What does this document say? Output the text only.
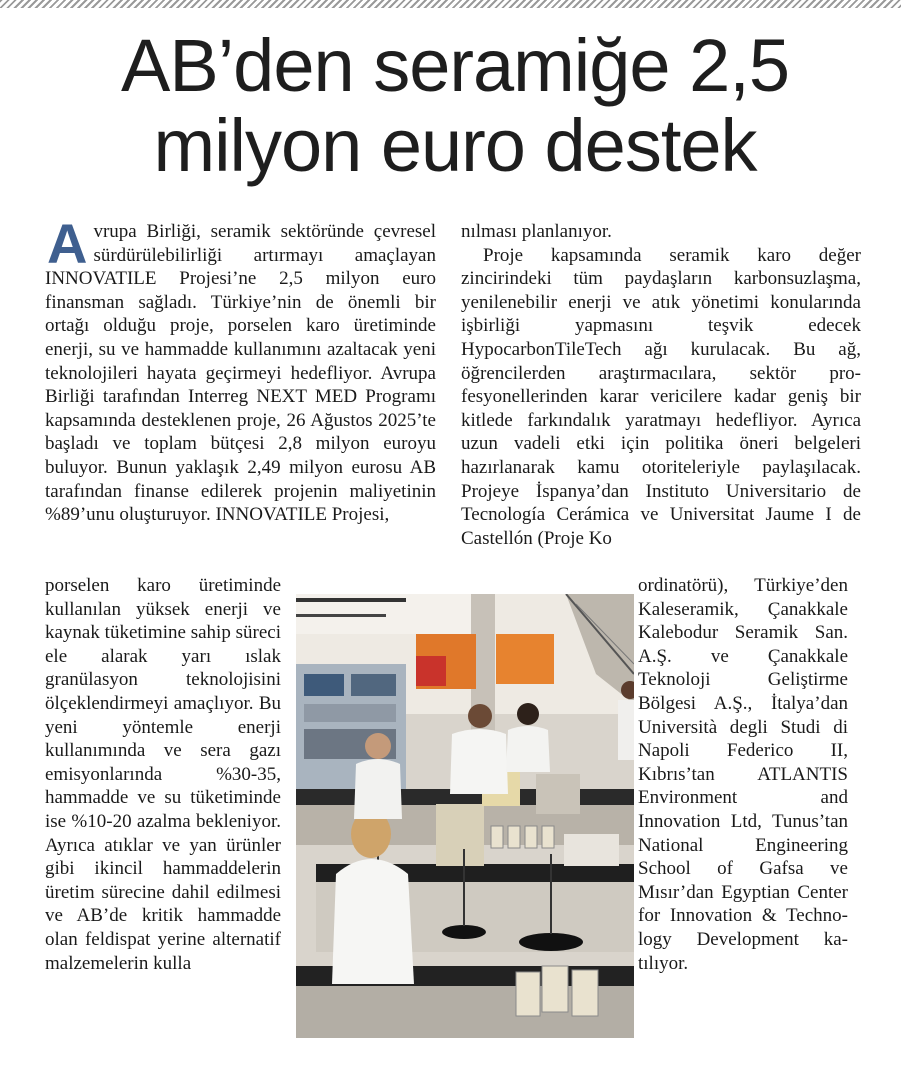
AB’den seramiğe 2,5 milyon euro destek

A vrupa Birliği, seramik sektöründe çevresel sürdürülebilirliği artırmayı amaçlayan INNOVATILE Projesi’ne 2,5 milyon euro finansman sağladı. Türkiye’nin de önemli bir ortağı olduğu proje, porselen karo üretiminde enerji, su ve hammadde kullanımını azaltacak yeni teknolojileri hayata geçirmeyi hedefliyor. Avrupa Birliği tarafından Interreg NEXT MED Programı kapsamında desteklenen proje, 26 Ağustos 2025’te başladı ve toplam bütçesi 2,8 milyon euroyu buluyor. Bunun yaklaşık 2,49 milyon eurosu AB tarafından finanse edilerek projenin maliyetinin %89’unu oluşturuyor. INNOVATILE Projesi,

porselen karo üretiminde kullanılan yüksek enerji ve kaynak tüketimine sahip süreci ele alarak yarı ıslak granülasyon teknolojisini ölçeklendirmeyi amaçlıyor. Bu yeni yöntemle enerji kullanımında ve sera gazı emisyonlarında %30-35, hammadde ve su tüketiminde ise %10-20 azalma bekleniyor. Ayrıca atıklar ve yan ürünler gibi ikincil hammaddelerin üretim sürecine dahil edilmesi ve AB’de kritik hammadde olan feldispat yerine alternatif malzemelerin kulla

nılması planlanıyor.

Proje kapsamında seramik karo değer zincirindeki tüm paydaşların karbonsuzlaşma, yenilenebilir enerji ve atık yönetimi konularında işbirliği yapmasını teşvik edecek HypocarbonTileTech ağı kurulacak. Bu ağ, öğrencilerden araştırmacılara, sektör profesyonellerinden karar vericilere kadar geniş bir kitlede farkındalık yaratmayı hedefliyor. Ayrıca uzun vadeli etki için politika öneri belgeleri hazırlanarak kamu otoriteleriyle paylaşılacak. Projeye İspanya’dan Instituto Universitario de Tecnología Cerámica ve Universitat Jaume I de Castellón (Proje Ko

ordinatörü), Türkiye’den Kaleseramik, Çanakkale Kalebodur Seramik San. A.Ş. ve Çanakkale Teknoloji Geliştirme Bölgesi A.Ş., İtalya’dan Università degli Studi di Napoli Federico II, Kıbrıs’tan ATLANTIS Environment and Innovation Ltd, Tunus’tan National Engineering School of Gafsa ve Mısır’dan Egyptian Center for Innovation & Technology Development katılıyor.
